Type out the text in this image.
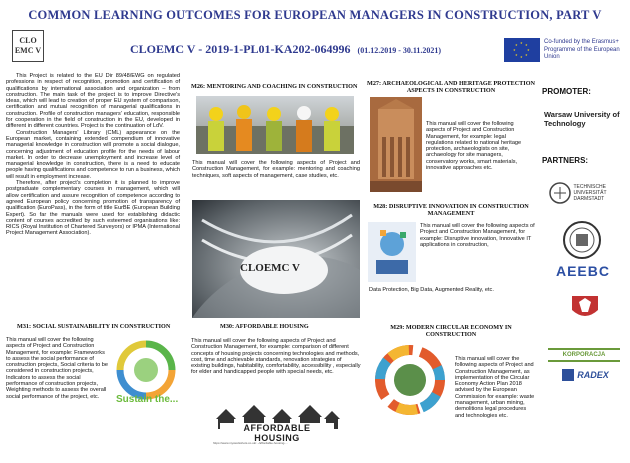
COMMON LEARNING OUTCOMES FOR EUROPEAN MANAGERS IN CONSTRUCTION, PART V
CLO EMC V	CLOEMC V - 2019-1-PL01-KA202-064996 (01.12.2019 - 30.11.2021)
★ ★
★
★
★
★
★
★	Co-funded by the Erasmus+ Programme of the European Union

This Project is related to the EU Dir 89/48/EWG on regulated professions in respect of recognition, promotion and certification of qualifications by international association and organization – from construction. The main task of the project is to improve Directive's ideas, which will lead to creation of proper EU system of comparison, certification and mutual recognition of managerial qualifications in construction. Profile of construction managers' education, responsible for cooperation in the field of construction in the EU, developed in different in different countries. Project is the continuation of LdV.

Construction Managers' Library (CML) appearance on the European market, containing extended compendium of innovative managerial knowledge in construction will promote a social dialogue, concerning adjustment of education profile for the needs of labour market. In order to decrease unemployment and increase level of managerial knowledge in construction, there is a need to educate people having qualifications and competence to run a business, which will result in employment increase.

Therefore, after project's completion it is planned to improve postgraduate complementary courses in management, which will allow certification and assure recognition of competence according to agreed European policy concerning promotion of transparency of qualification (EuroPass), in the form of title EurBE (European Building Expert). So far the manuals were used for establishing didactic content of courses accredited by such esteemed organisations like: RICS (Royal Institution of Chartered Surveyors) or IPMA (International Project Management Association).

M26: MENTORING AND COACHING IN CONSTRUCTION
This manual will cover the following aspects of Project and Construction Management, for example: mentoring and coaching techniques, soft aspects of management, case studies, etc.
M27: ARCHAEOLOGICAL AND HERITAGE PROTECTION ASPECTS IN CONSTRUCTION
This manual will cover the following aspects of Project and Construction Management, for example: legal regulations related to national heritage protection, archaeologists on site, archaeology for site managers, conservatory works, smart materials, innovative approaches etc.
CLOEMC V
M28: DISRUPTIVE INNOVATION IN CONSTRUCTION MANAGEMENT
This manual will cover the following aspects of Project and Construction Management, for example: Disruptive innovation, Innovative IT applications in construction,
Data Protection, Big Data, Augmented Reality, etc.
M31: SOCIAL SUSTAINABILITY IN CONSTRUCTION
This manual will cover the following aspects of Project and Construction Management, for example: Frameworks to assess the social performance of construction projects, Social criteria to be considered in construction projects, Indicators to assess the social performance of construction projects, Weighting methods to assess the overall social performance of the project, etc.	Sustain the...
M30: AFFORDABLE HOUSING
This manual will cover the following aspects of Project and Construction Management, for example: comparison of different concepts of housing projects concerning technologies and methods, cost, time and achievable standards, renovation strategies of existing buildings, habitability, comfortability, accessibility , especially for elder and handicapped people with special needs, etc.
AFFORDABLE HOUSING
https://www.mystockshots.co.uk/.../affordable-housing-...
M29: MODERN CIRCULAR ECONOMY IN CONSTRUCTION
This manual will cover the following aspects of Project and Construction Management, as implementation of the Circular Economy Action Plan 2018 advised by the European Commission for example: waste management, urban mining, demolitions legal procedures and technologies etc.
PROMOTER:
Warsaw University of Technology
PARTNERS:
TECHNISCHE UNIVERSITÄT DARMSTADT
AEEBC
KORPORACJA
RADEX
